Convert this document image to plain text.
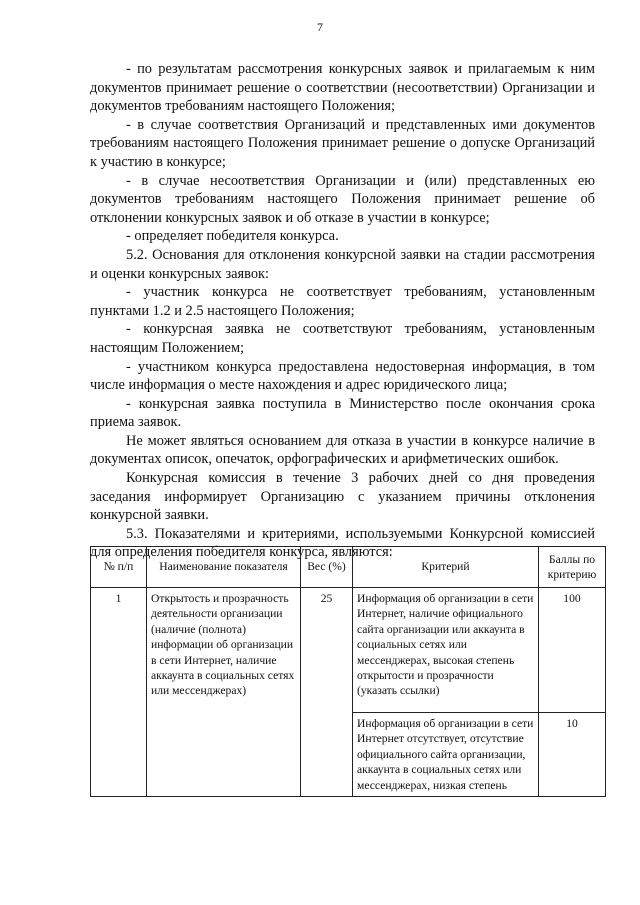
7

- по результатам рассмотрения конкурсных заявок и прилагаемым к ним документов принимает решение о соответствии (несоответствии) Организации и документов требованиям настоящего Положения;

- в случае соответствия Организаций и представленных ими документов требованиям настоящего Положения принимает решение о допуске Организаций к участию в конкурсе;

- в случае несоответствия Организации и (или) представленных ею документов требованиям настоящего Положения принимает решение об отклонении конкурсных заявок и об отказе в участии в конкурсе;

- определяет победителя конкурса.

5.2. Основания для отклонения конкурсной заявки на стадии рассмотрения и оценки конкурсных заявок:

- участник конкурса не соответствует требованиям, установленным пунктами 1.2 и 2.5 настоящего Положения;

- конкурсная заявка не соответствуют требованиям, установленным настоящим Положением;

- участником конкурса предоставлена недостоверная информация, в том числе информация о месте нахождения и адрес юридического лица;

- конкурсная заявка поступила в Министерство после окончания срока приема заявок.

Не может являться основанием для отказа в участии в конкурсе наличие в документах описок, опечаток, орфографических и арифметических ошибок.

Конкурсная комиссия в течение 3 рабочих дней со дня проведения заседания информирует Организацию с указанием причины отклонения конкурсной заявки.

5.3. Показателями и критериями, используемыми Конкурсной комиссией для определения победителя конкурса, являются:

№ п/п	Наименование показателя	Вес (%)	Критерий	Баллы по критерию
1	Открытость и прозрачность деятельности организации (наличие (полнота) информации об организации в сети Интернет, наличие аккаунта в социальных сетях или мессенджерах)	25	Информация об организации в сети Интернет, наличие официального сайта организации или аккаунта в социальных сетях или мессенджерах, высокая степень открытости и прозрачности (указать ссылки)	100
			Информация об организации в сети Интернет отсутствует, отсутствие официального сайта организации, аккаунта в социальных сетях или мессенджерах, низкая степень	10
